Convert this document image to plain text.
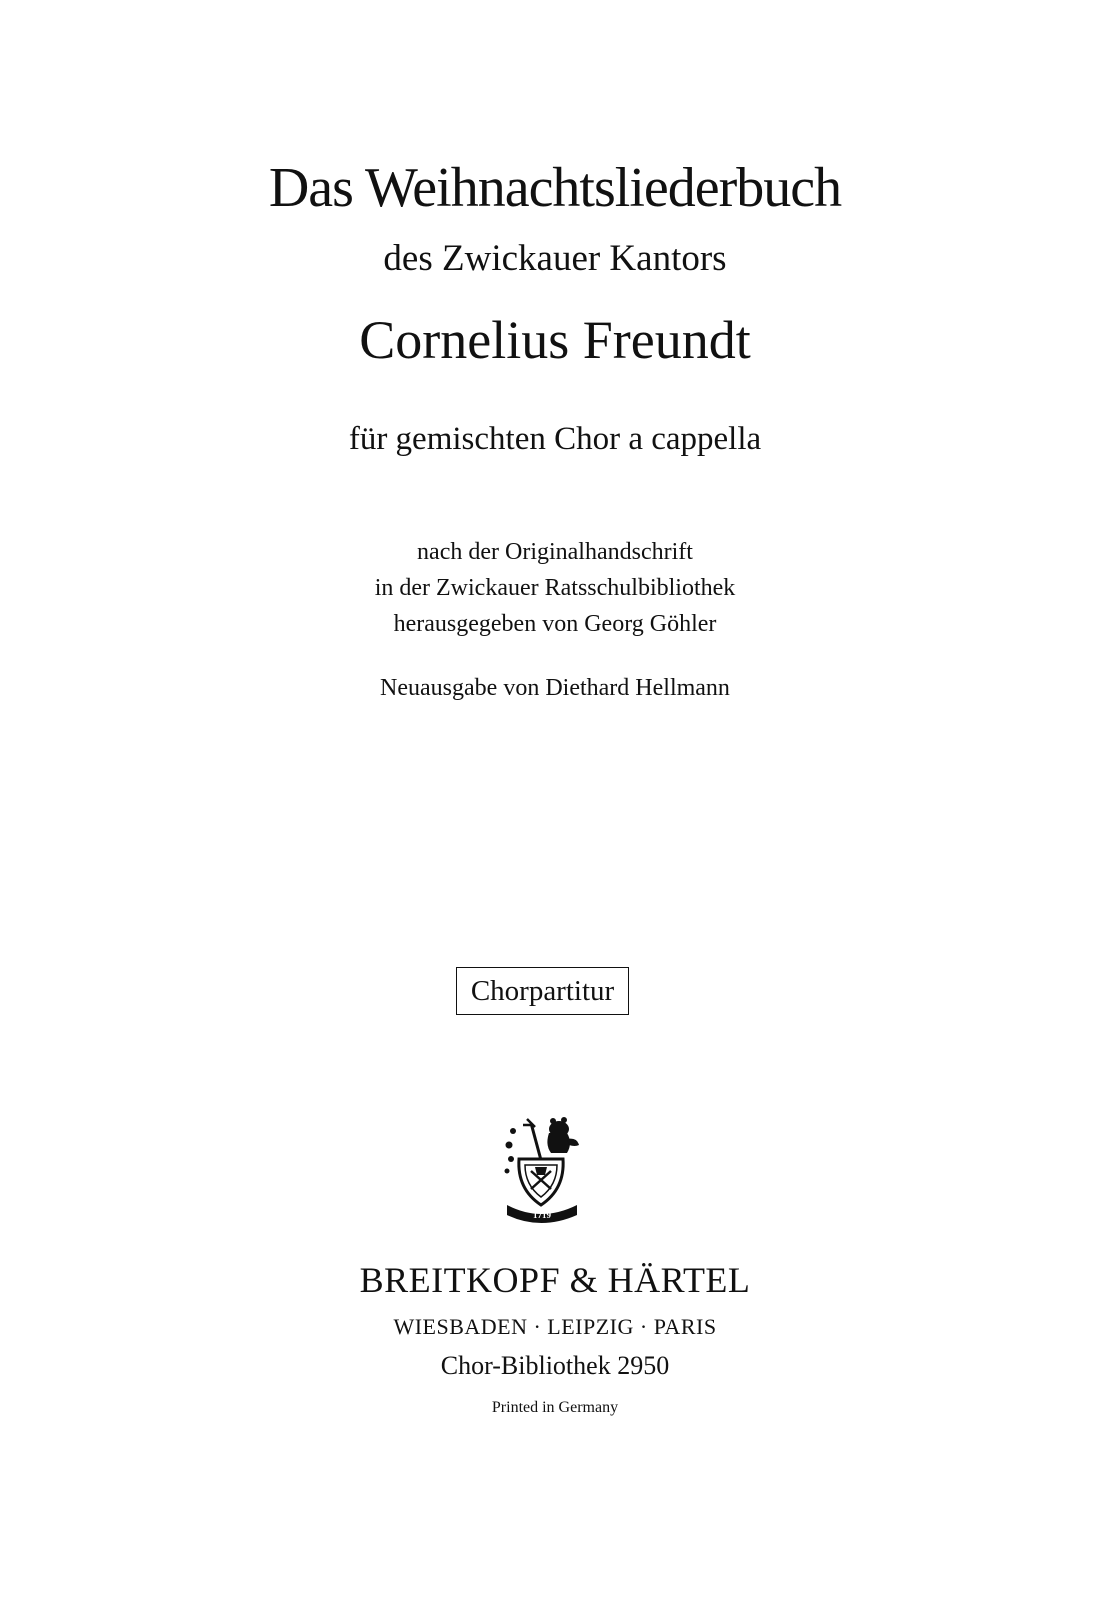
Das Weihnachtsliederbuch
des Zwickauer Kantors
Cornelius Freundt
für gemischten Chor a cappella
nach der Originalhandschrift
in der Zwickauer Ratsschulbibliothek
herausgegeben von Georg Göhler
Neuausgabe von Diethard Hellmann
Chorpartitur
1719
BREITKOPF & HÄRTEL
WIESBADEN · LEIPZIG · PARIS
Chor-Bibliothek 2950
Printed in Germany
